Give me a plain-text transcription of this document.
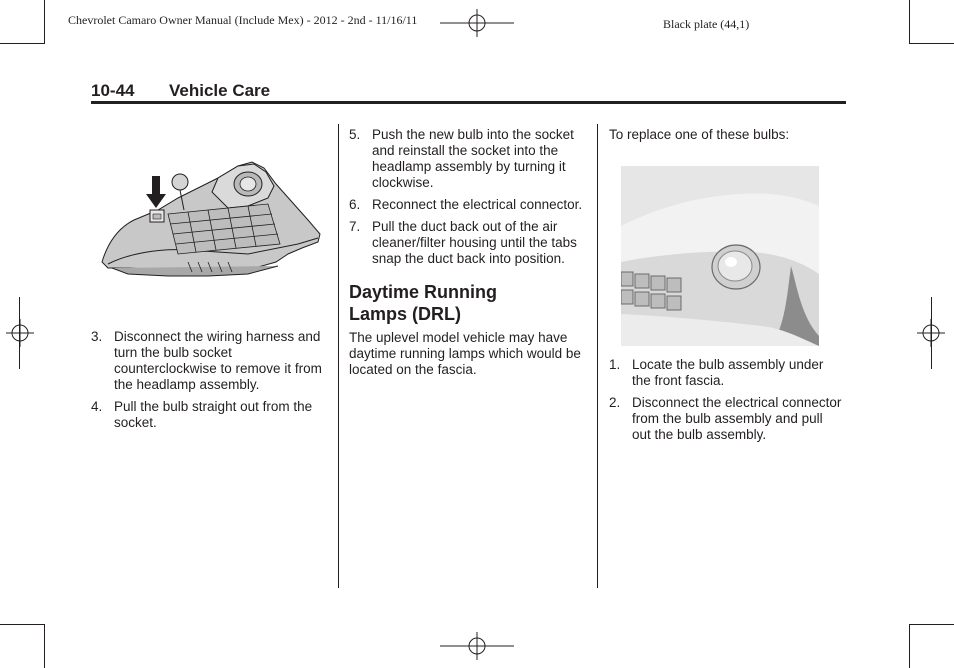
Chevrolet Camaro Owner Manual (Include Mex) - 2012 - 2nd - 11/16/11	Black plate (44,1)
10-44 Vehicle Care
3. Disconnect the wiring harness and turn the bulb socket counterclockwise to remove it from the headlamp assembly.
4. Pull the bulb straight out from the socket.
5. Push the new bulb into the socket and reinstall the socket into the headlamp assembly by turning it clockwise.
6. Reconnect the electrical connector.
7. Pull the duct back out of the air cleaner/filter housing until the tabs snap the duct back into position.
Daytime Running Lamps (DRL)

The uplevel model vehicle may have daytime running lamps which would be located on the fascia.

To replace one of these bulbs:

1. Locate the bulb assembly under the front fascia.
2. Disconnect the electrical connector from the bulb assembly and pull out the bulb assembly.
